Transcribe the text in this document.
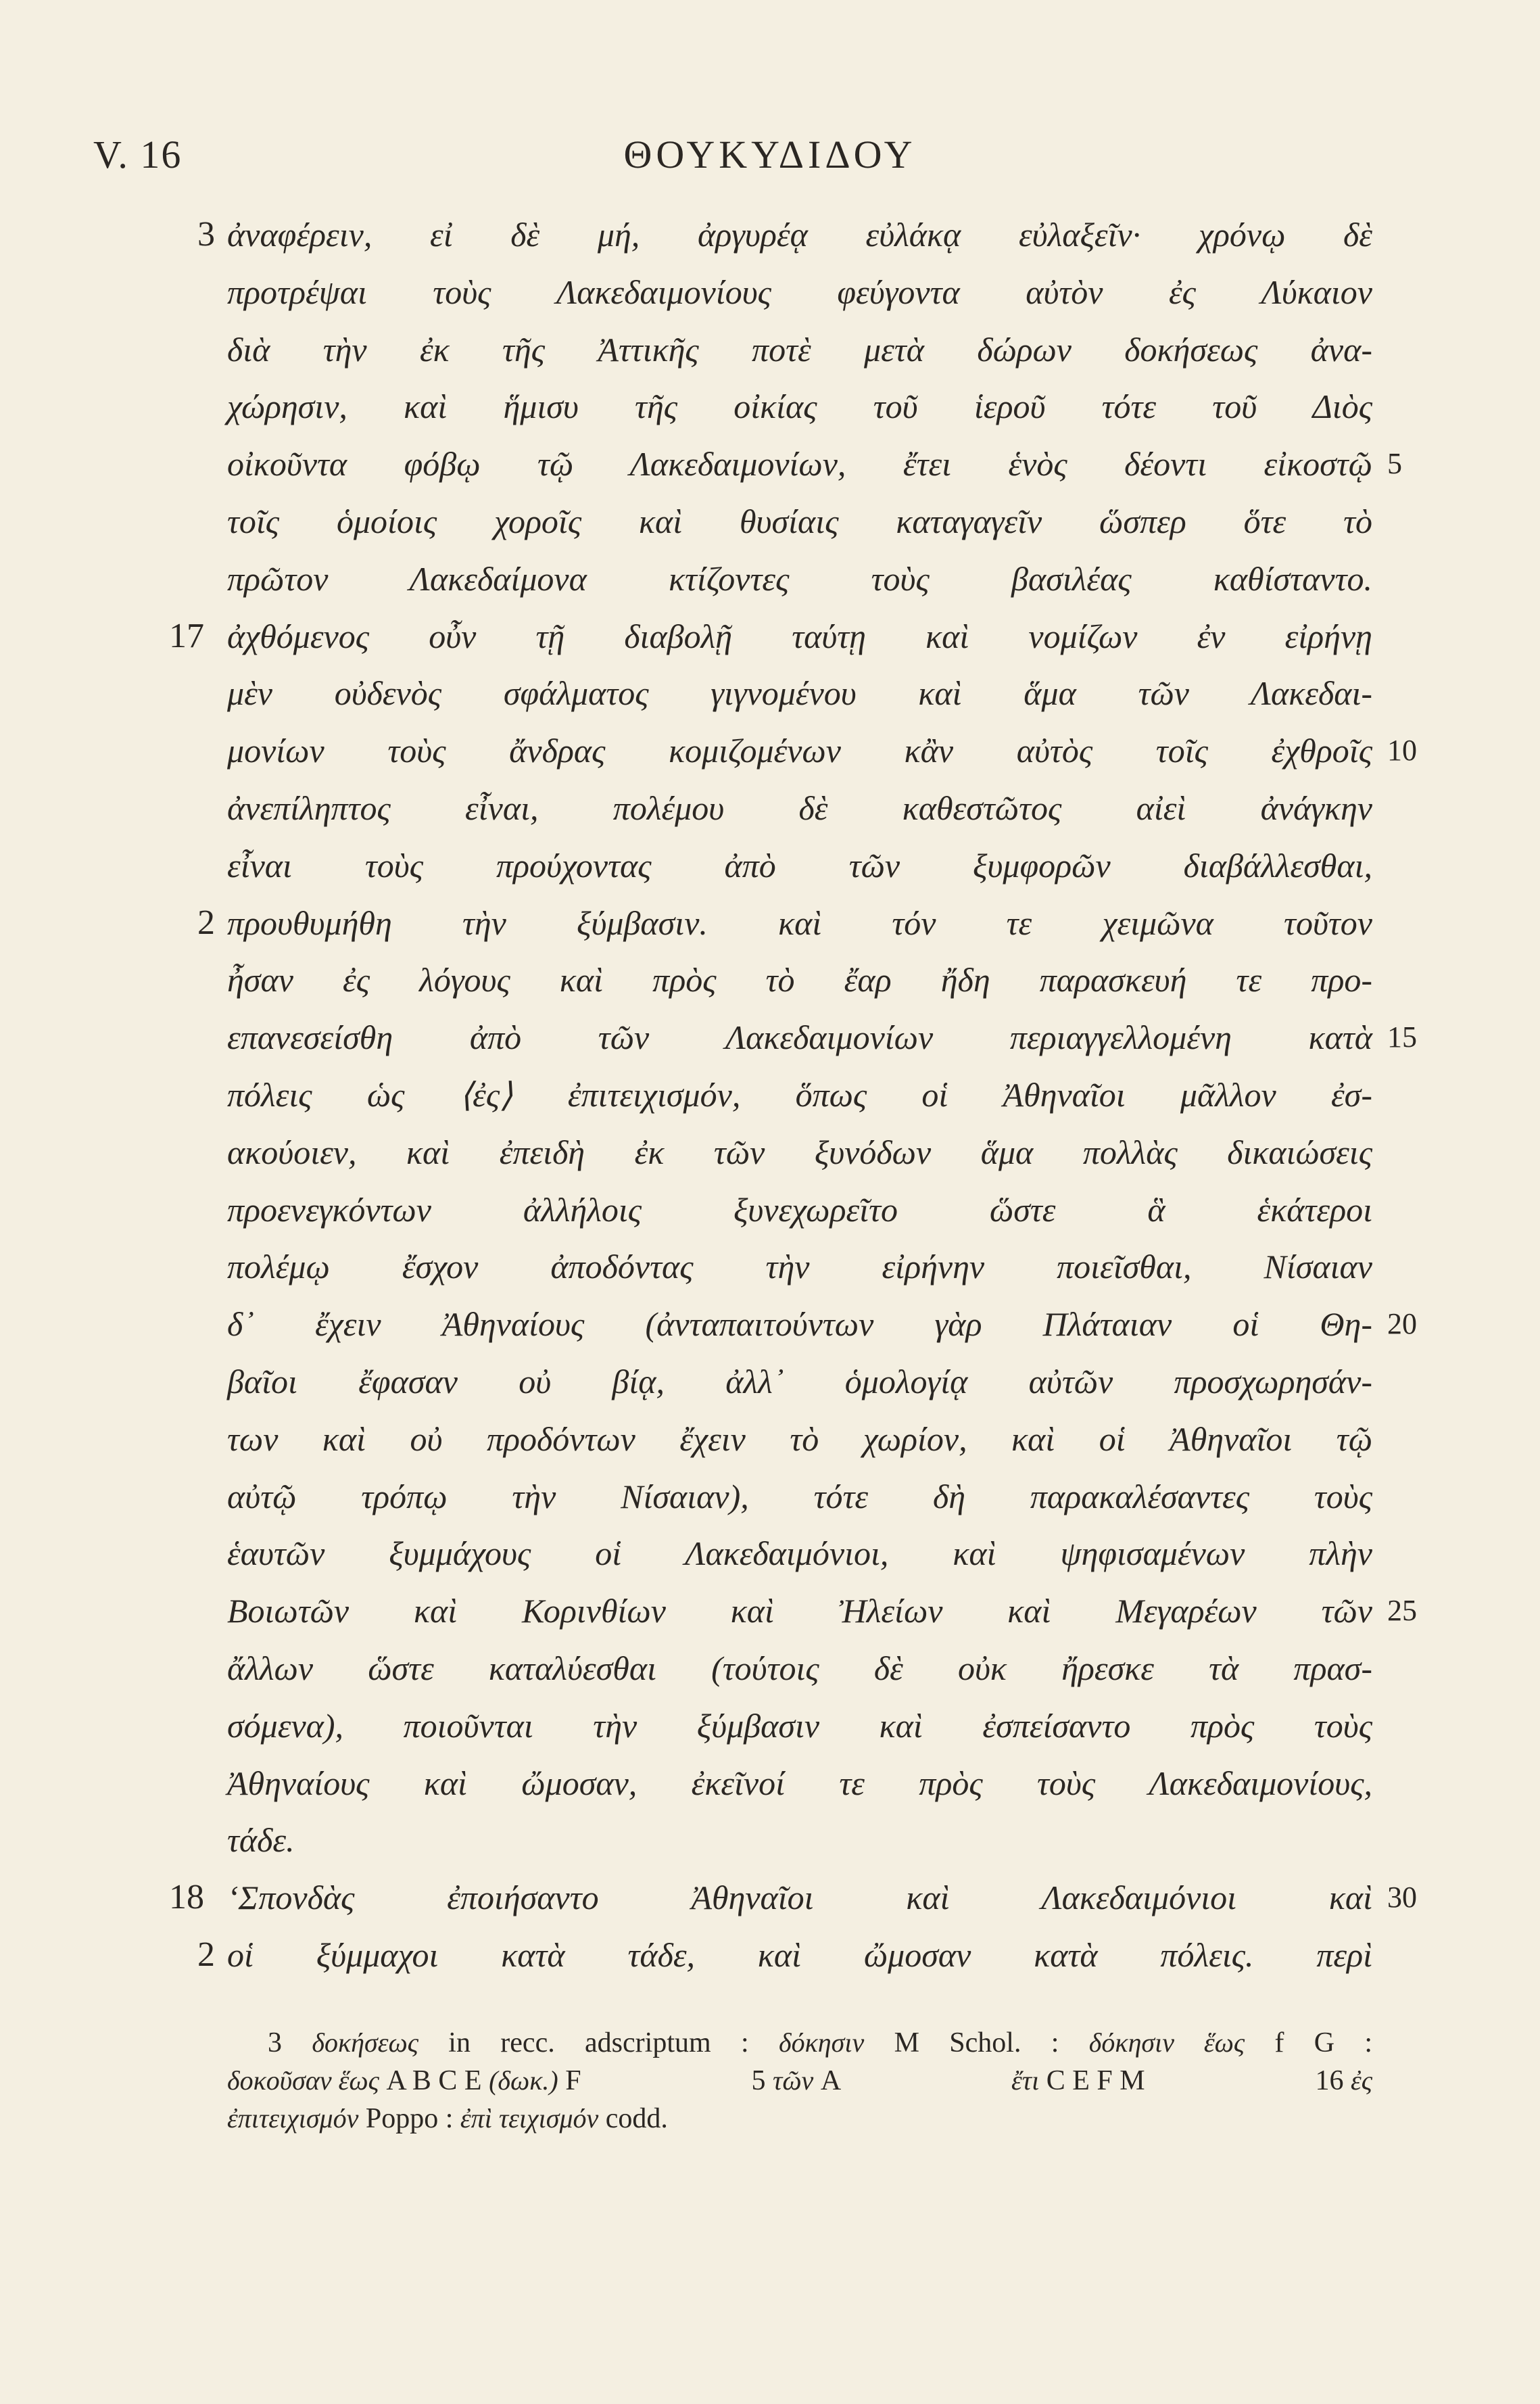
V. 16	ΘΟΥΚΥΔΙΔΟΥ
ἀναφέρειν, εἰ δὲ μή, ἀργυρέᾳ εὐλάκᾳ εὐλαξεῖν· χρόνῳ δὲ
3
προτρέψαι τοὺς Λακεδαιμονίους φεύγοντα αὐτὸν ἐς Λύκαιον
διὰ τὴν ἐκ τῆς Ἀττικῆς ποτὲ μετὰ δώρων δοκήσεως ἀνα-
χώρησιν, καὶ ἥμισυ τῆς οἰκίας τοῦ ἱεροῦ τότε τοῦ Διὸς
οἰκοῦντα φόβῳ τῷ Λακεδαιμονίων, ἔτει ἑνὸς δέοντι εἰκοστῷ 5
τοῖς ὁμοίοις χοροῖς καὶ θυσίαις καταγαγεῖν ὥσπερ ὅτε τὸ
πρῶτον Λακεδαίμονα κτίζοντες τοὺς βασιλέας καθίσταντο.
ἀχθόμενος οὖν τῇ διαβολῇ ταύτῃ καὶ νομίζων ἐν εἰρήνῃ
17
μὲν οὐδενὸς σφάλματος γιγνομένου καὶ ἅμα τῶν Λακεδαι-
μονίων τοὺς ἄνδρας κομιζομένων κἂν αὐτὸς τοῖς ἐχθροῖς 10
ἀνεπίληπτος εἶναι, πολέμου δὲ καθεστῶτος αἰεὶ ἀνάγκην
εἶναι τοὺς προύχοντας ἀπὸ τῶν ξυμφορῶν διαβάλλεσθαι,
προυθυμήθη τὴν ξύμβασιν. καὶ τόν τε χειμῶνα τοῦτον
2
ἦσαν ἐς λόγους καὶ πρὸς τὸ ἔαρ ἤδη παρασκευή τε προ-
επανεσείσθη ἀπὸ τῶν Λακεδαιμονίων περιαγγελλομένη κατὰ 15
πόλεις ὡς ⟨ἐς⟩ ἐπιτειχισμόν, ὅπως οἱ Ἀθηναῖοι μᾶλλον ἐσ-
ακούοιεν, καὶ ἐπειδὴ ἐκ τῶν ξυνόδων ἅμα πολλὰς δικαιώσεις
προενεγκόντων ἀλλήλοις ξυνεχωρεῖτο ὥστε ἃ ἑκάτεροι
πολέμῳ ἔσχον ἀποδόντας τὴν εἰρήνην ποιεῖσθαι, Νίσαιαν
δ᾽ ἔχειν Ἀθηναίους (ἀνταπαιτούντων γὰρ Πλάταιαν οἱ Θη- 20
βαῖοι ἔφασαν οὐ βίᾳ, ἀλλ᾽ ὁμολογίᾳ αὐτῶν προσχωρησάν-
των καὶ οὐ προδόντων ἔχειν τὸ χωρίον, καὶ οἱ Ἀθηναῖοι τῷ
αὐτῷ τρόπῳ τὴν Νίσαιαν), τότε δὴ παρακαλέσαντες τοὺς
ἑαυτῶν ξυμμάχους οἱ Λακεδαιμόνιοι, καὶ ψηφισαμένων πλὴν
Βοιωτῶν καὶ Κορινθίων καὶ Ἠλείων καὶ Μεγαρέων τῶν 25
ἄλλων ὥστε καταλύεσθαι (τούτοις δὲ οὐκ ἤρεσκε τὰ πρασ-
σόμενα), ποιοῦνται τὴν ξύμβασιν καὶ ἐσπείσαντο πρὸς τοὺς
Ἀθηναίους καὶ ὤμοσαν, ἐκεῖνοί τε πρὸς τοὺς Λακεδαιμονίους,
τάδε.
‘Σπονδὰς ἐποιήσαντο Ἀθηναῖοι καὶ Λακεδαιμόνιοι καὶ
18	30
οἱ ξύμμαχοι κατὰ τάδε, καὶ ὤμοσαν κατὰ πόλεις. περὶ
2
3 δοκήσεως in recc. adscriptum : δόκησιν M Schol. : δόκησιν ἕως f G :
δοκοῦσαν ἕως A B C E (δωκ.) F	5 τῶν A	ἔτι C E F M	16 ἐς
ἐπιτειχισμόν Poppo : ἐπὶ τειχισμόν codd.
